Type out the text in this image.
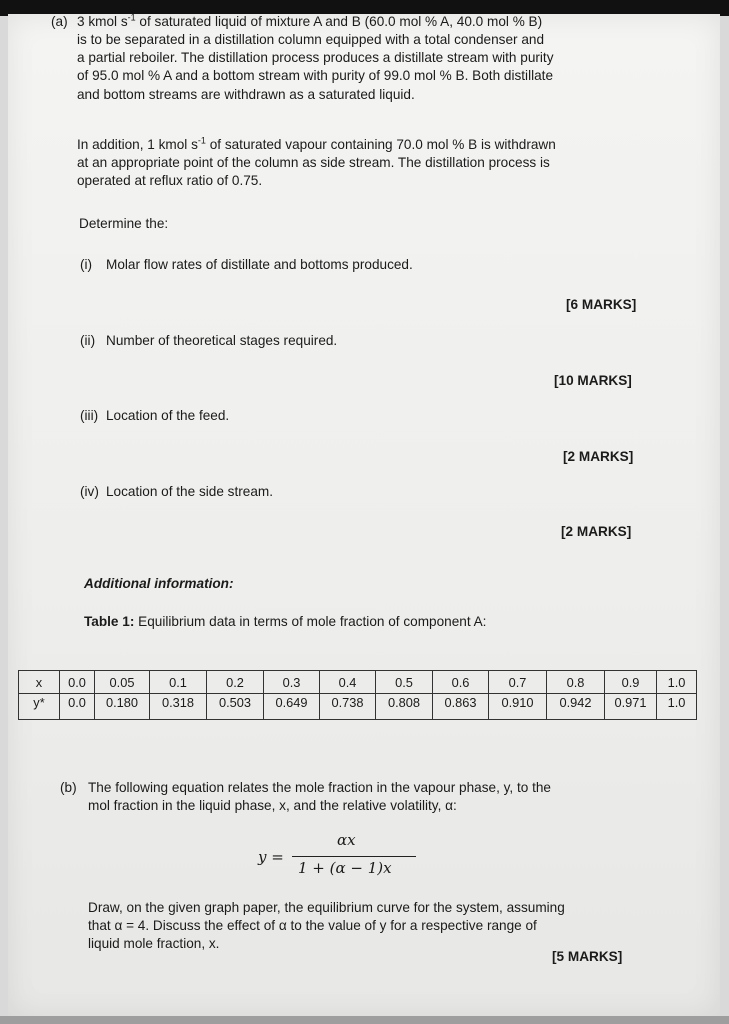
(a) 3 kmol $s^{-1}$ of saturated liquid of mixture A and B (60.0 mol % A, 40.0 mol % B)
is to be separated in a distillation column equipped with a total condenser and
a partial reboiler. The distillation process produces a distillate stream with purity
of 95.0 mol % A and a bottom stream with purity of 99.0 mol % B. Both distillate
and bottom streams are withdrawn as a saturated liquid.
In addition, 1 kmol $s^{-1}$ of saturated vapour containing 70.0 mol % B is withdrawn
at an appropriate point of the column as side stream. The distillation process is
operated at reflux ratio of 0.75.
Determine the:
(i) Molar flow rates of distillate and bottoms produced.
[6 MARKS]
(ii) Number of theoretical stages required.
[10 MARKS]
(iii) Location of the feed.
[2 MARKS]
(iv) Location of the side stream.
[2 MARKS]
Additional information:
Table 1: Equilibrium data in terms of mole fraction of component A:
x	0.0	0.05	0.1	0.2	0.3	0.4	0.5	0.6	0.7	0.8	0.9	1.0
y*	0.0	0.180	0.318	0.503	0.649	0.738	0.808	0.863	0.910	0.942	0.971	1.0
(b) The following equation relates the mole fraction in the vapour phase, y, to the
mol fraction in the liquid phase, x, and the relative volatility, α:
y =
αx
1 + (α − 1)x
Draw, on the given graph paper, the equilibrium curve for the system, assuming
that α = 4. Discuss the effect of α to the value of y for a respective range of
liquid mole fraction, x.
[5 MARKS]
